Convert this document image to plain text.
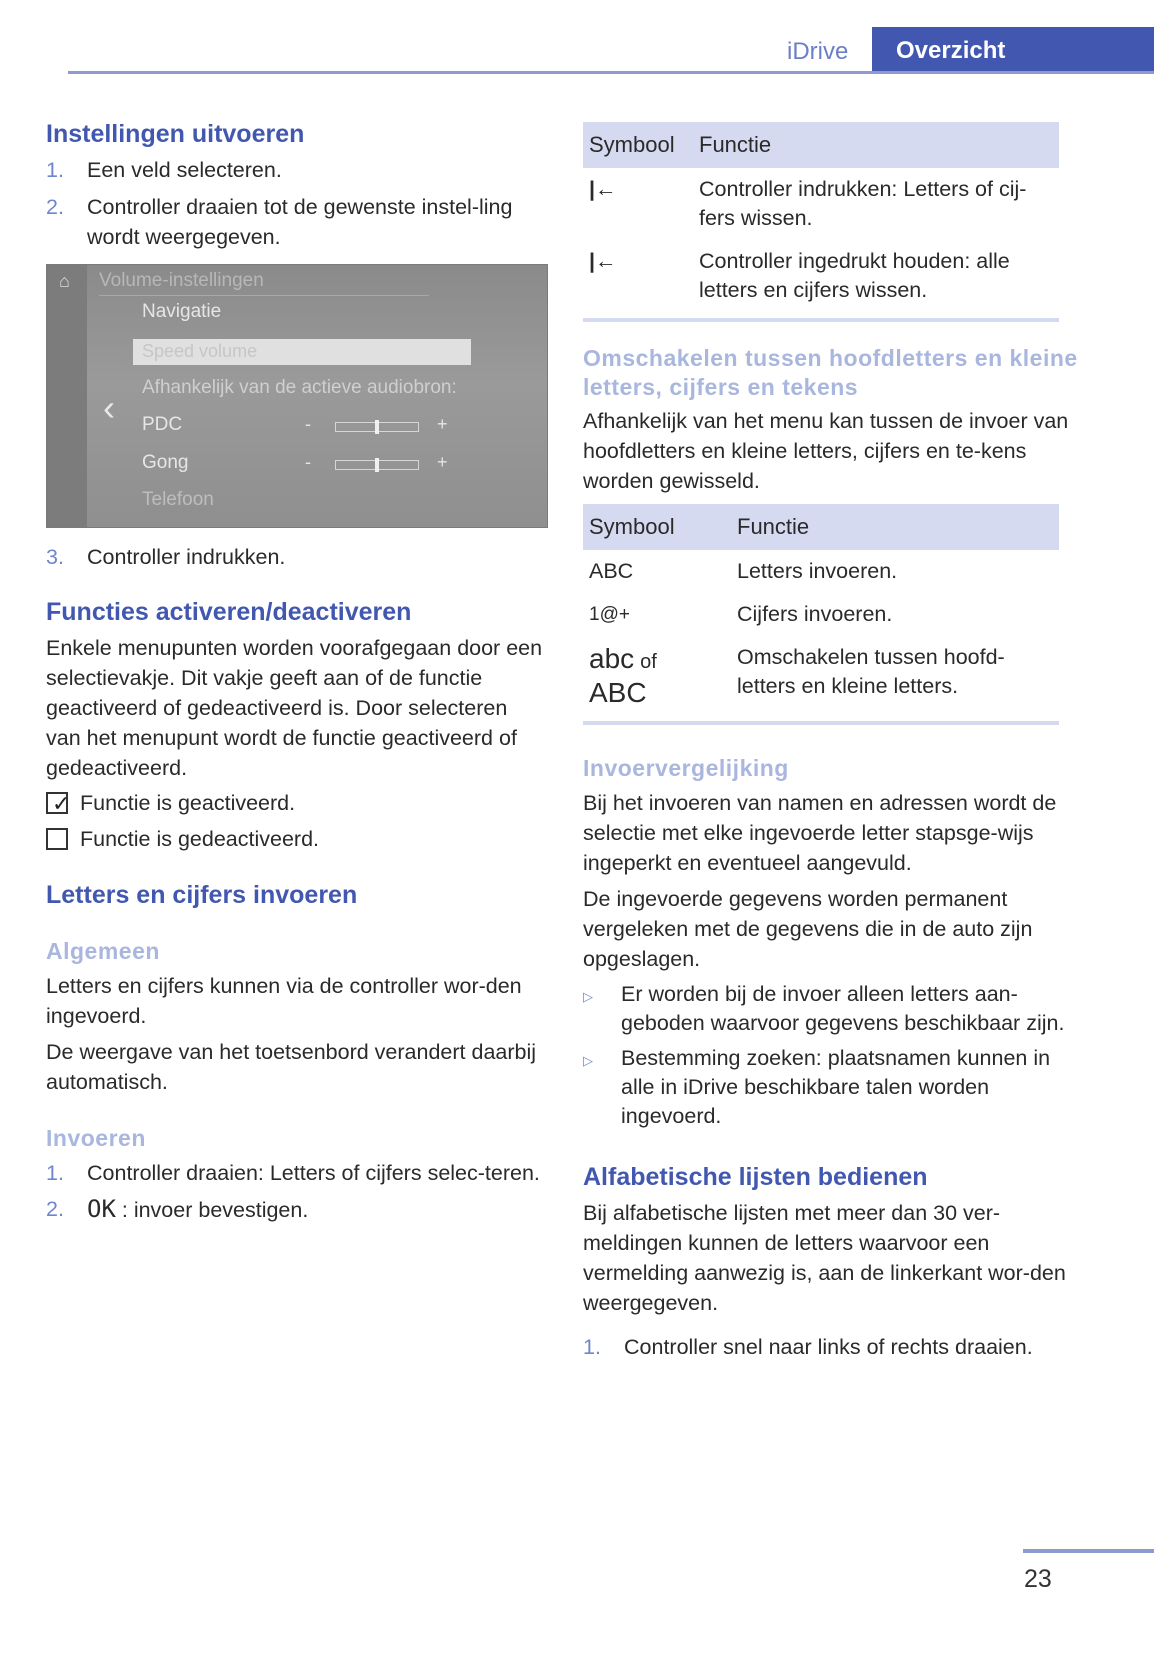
iDrive	Overzicht
Instellingen uitvoeren
1.	Een veld selecteren.
2.	Controller draaien tot de gewenste instel-ling wordt weergegeven.
⌂ Volume-instellingen
Navigatie
Speed volume
Afhankelijk van de actieve audiobron:
‹ PDC	-	+
Gong	-	+
Telefoon
3.	Controller indrukken.
Functies activeren/deactiveren

Enkele menupunten worden voorafgegaan door een selectievakje. Dit vakje geeft aan of de functie geactiveerd of gedeactiveerd is. Door selecteren van het menupunt wordt de functie geactiveerd of gedeactiveerd.

✓ Functie is geactiveerd.
Functie is gedeactiveerd.
Letters en cijfers invoeren
Algemeen

Letters en cijfers kunnen via de controller wor-den ingevoerd.

De weergave van het toetsenbord verandert daarbij automatisch.

Invoeren
1.	Controller draaien: Letters of cijfers selec-teren.
2. OK : invoer bevestigen.
Symbool	Functie
|←	Controller indrukken: Letters of cij-fers wissen.
|←	Controller ingedrukt houden: alle letters en cijfers wissen.
Omschakelen tussen hoofdletters en kleine letters, cijfers en tekens

Afhankelijk van het menu kan tussen de invoer van hoofdletters en kleine letters, cijfers en te-kens worden gewisseld.

Symbool	Functie
ABC	Letters invoeren.
1@+	Cijfers invoeren.
abc of
ABC	Omschakelen tussen hoofd-letters en kleine letters.
Invoervergelijking

Bij het invoeren van namen en adressen wordt de selectie met elke ingevoerde letter stapsge-wijs ingeperkt en eventueel aangevuld.

De ingevoerde gegevens worden permanent vergeleken met de gegevens die in de auto zijn opgeslagen.

▷	Er worden bij de invoer alleen letters aan-geboden waarvoor gegevens beschikbaar zijn.
▷	Bestemming zoeken: plaatsnamen kunnen in alle in iDrive beschikbare talen worden ingevoerd.
Alfabetische lijsten bedienen

Bij alfabetische lijsten met meer dan 30 ver-meldingen kunnen de letters waarvoor een vermelding aanwezig is, aan de linkerkant wor-den weergegeven.

1.	Controller snel naar links of rechts draaien.
23
